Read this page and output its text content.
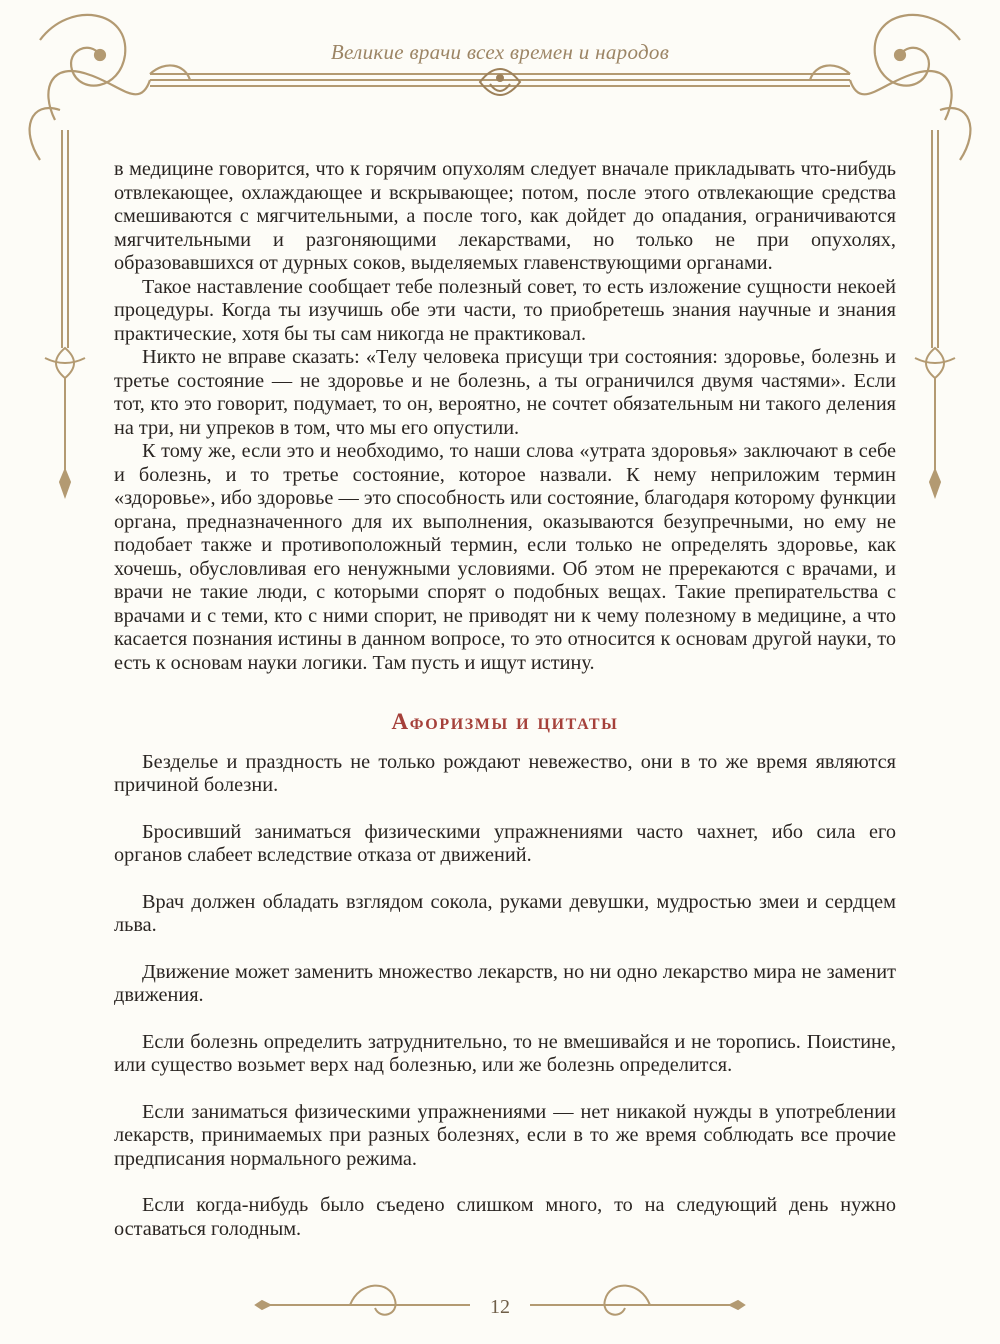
Великие врачи всех времен и народов

в медицине говорится, что к горячим опухолям следует вначале прикладывать что-нибудь отвлекающее, охлаждающее и вскрывающее; потом, после этого отвлекающие средства смешиваются с мягчительными, а после того, как дойдет до опадания, ограничиваются мягчительными и разгоняющими лекарствами, но только не при опухолях, образовавшихся от дурных соков, выделяемых главенствующими органами.

Такое наставление сообщает тебе полезный совет, то есть изложение сущности некоей процедуры. Когда ты изучишь обе эти части, то приобретешь знания научные и знания практические, хотя бы ты сам никогда не практиковал.

Никто не вправе сказать: «Телу человека присущи три состояния: здоровье, болезнь и третье состояние — не здоровье и не болезнь, а ты ограничился двумя частями». Если тот, кто это говорит, подумает, то он, вероятно, не сочтет обязательным ни такого деления на три, ни упреков в том, что мы его опустили.

К тому же, если это и необходимо, то наши слова «утрата здоровья» заключают в себе и болезнь, и то третье состояние, которое назвали. К нему неприложим термин «здоровье», ибо здоровье — это способность или состояние, благодаря которому функции органа, предназначенного для их выполнения, оказываются безупречными, но ему не подобает также и противоположный термин, если только не определять здоровье, как хочешь, обусловливая его ненужными условиями. Об этом не пререкаются с врачами, и врачи не такие люди, с которыми спорят о подобных вещах. Такие препирательства с врачами и с теми, кто с ними спорит, не приводят ни к чему полезному в медицине, а что касается познания истины в данном вопросе, то это относится к основам другой науки, то есть к основам науки логики. Там пусть и ищут истину.

Афоризмы и цитаты

Безделье и праздность не только рождают невежество, они в то же время являются причиной болезни.

Бросивший заниматься физическими упражнениями часто чахнет, ибо сила его органов слабеет вследствие отказа от движений.

Врач должен обладать взглядом сокола, руками девушки, мудростью змеи и сердцем льва.

Движение может заменить множество лекарств, но ни одно лекарство мира не заменит движения.

Если болезнь определить затруднительно, то не вмешивайся и не торопись. Поистине, или существо возьмет верх над болезнью, или же болезнь определится.

Если заниматься физическими упражнениями — нет никакой нужды в употреблении лекарств, принимаемых при разных болезнях, если в то же время соблюдать все прочие предписания нормального режима.

Если когда-нибудь было съедено слишком много, то на следующий день нужно оставаться голодным.

12
